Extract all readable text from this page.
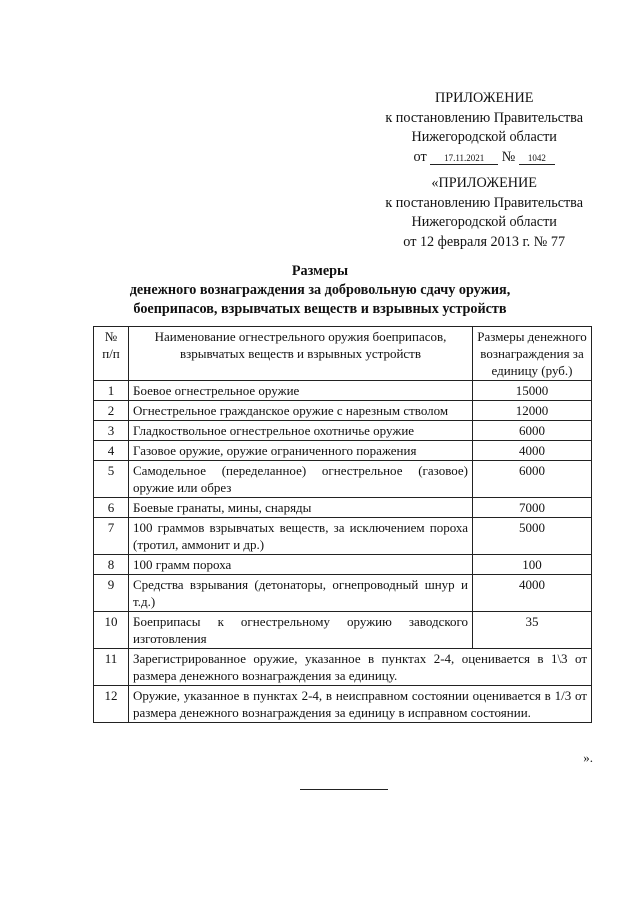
ПРИЛОЖЕНИЕ
к постановлению Правительства
Нижегородской области
от 17.11.2021 № 1042
«ПРИЛОЖЕНИЕ
к постановлению Правительства
Нижегородской области
от 12 февраля 2013 г. № 77
Размеры
денежного вознаграждения за добровольную сдачу оружия,
боеприпасов, взрывчатых веществ и взрывных устройств
№ п/п	Наименование огнестрельного оружия боеприпасов, взрывчатых веществ и взрывных устройств	Размеры денежного вознаграждения за единицу (руб.)
1	Боевое огнестрельное оружие	15000
2	Огнестрельное гражданское оружие с нарезным стволом	12000
3	Гладкоствольное огнестрельное охотничье оружие	6000
4	Газовое оружие, оружие ограниченного поражения	4000
5	Самодельное (переделанное) огнестрельное (газовое) оружие или обрез	6000
6	Боевые гранаты, мины, снаряды	7000
7	100 граммов взрывчатых веществ, за исключением пороха (тротил, аммонит и др.)	5000
8	100 грамм пороха	100
9	Средства взрывания (детонаторы, огнепроводный шнур и т.д.)	4000
10	Боеприпасы к огнестрельному оружию заводского изготовления	35
11	Зарегистрированное оружие, указанное в пунктах 2-4, оценивается в 1\3 от размера денежного вознаграждения за единицу.	
12	Оружие, указанное в пунктах 2-4, в неисправном состоянии оценивается в 1/3 от размера денежного вознаграждения за единицу в исправном состоянии.	
».
